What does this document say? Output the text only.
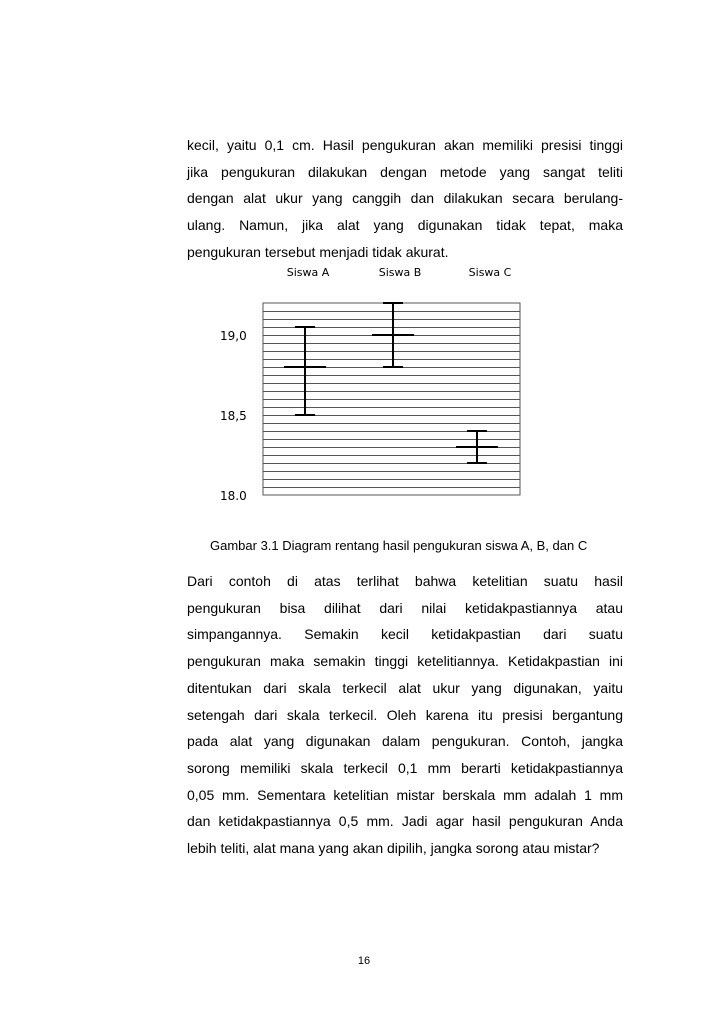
kecil, yaitu 0,1 cm. Hasil pengukuran akan memiliki presisi tinggi
jika pengukuran dilakukan dengan metode yang sangat teliti
dengan alat ukur yang canggih dan dilakukan secara berulang-
ulang. Namun, jika alat yang digunakan tidak tepat, maka
pengukuran tersebut menjadi tidak akurat.
19,0
18,5
18.0
Siswa A	Siswa B	Siswa C
Gambar 3.1 Diagram rentang hasil pengukuran siswa A, B, dan C
Dari contoh di atas terlihat bahwa ketelitian suatu hasil
pengukuran bisa dilihat dari nilai ketidakpastiannya atau
simpangannya. Semakin kecil ketidakpastian dari suatu
pengukuran maka semakin tinggi ketelitiannya. Ketidakpastian ini
ditentukan dari skala terkecil alat ukur yang digunakan, yaitu
setengah dari skala terkecil. Oleh karena itu presisi bergantung
pada alat yang digunakan dalam pengukuran. Contoh, jangka
sorong memiliki skala terkecil 0,1 mm berarti ketidakpastiannya
0,05 mm. Sementara ketelitian mistar berskala mm adalah 1 mm
dan ketidakpastiannya 0,5 mm. Jadi agar hasil pengukuran Anda
lebih teliti, alat mana yang akan dipilih, jangka sorong atau mistar?
16
